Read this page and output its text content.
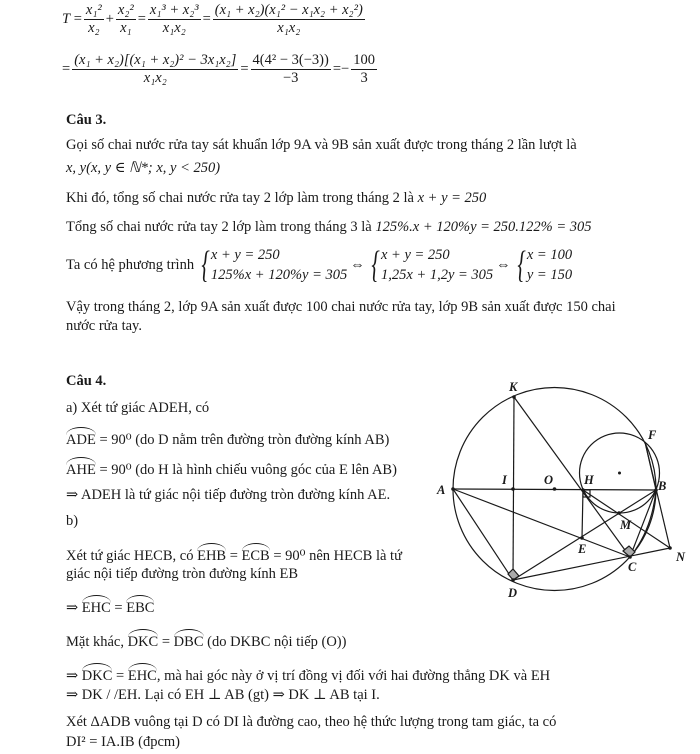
$T = \frac{\text{x₁²}}{\text{x₂}} + \frac{\text{x₂²}}{\text{x₁}} = \frac{\text{x₁³ + x₂³}}{\text{x₁x₂}} = \frac{\text{(x₁ + x₂)(x₁² − x₁x₂ + x₂²)}}{\text{x₁x₂}}$
= $\frac{\text{(x₁ + x₂)[(x₁ + x₂)² − 3x₁x₂]}}{\text{x₁x₂}} = \frac{\text{4(4² − 3(−3))}}{-3}$ = − $\frac{100}{3}$
Câu 3.
Gọi số chai nước rửa tay sát khuẩn lớp 9A và 9B sản xuất được trong tháng 2 lần lượt là
x, y(x, y ∈ ℕ*; x, y < 250)
Khi đó, tổng số chai nước rửa tay 2 lớp làm trong tháng 2 là x + y = 250
Tổng số chai nước rửa tay 2 lớp làm trong tháng 3 là 125%.x + 120%y = 250.122% = 305
Ta có hệ phương trình
{ x + y = 250
125%x + 120%y = 305
⇔ { x + y = 250
1,25x + 1,2y = 305
⇔ { x = 100
y = 150
Vậy trong tháng 2, lớp 9A sản xuất được 100 chai nước rửa tay, lớp 9B sản xuất được 150 chai
nước rửa tay.
Câu 4.
a) Xét tứ giác ADEH, có
ADE = 90⁰ (do D nằm trên đường tròn đường kính AB)
AHE = 90⁰ (do H là hình chiếu vuông góc của E lên AB)
⇒ ADEH là tứ giác nội tiếp đường tròn đường kính AE.
b)
Xét tứ giác HECB, có EHB = ECB = 90⁰ nên HECB là tứ
giác nội tiếp đường tròn đường kính EB
⇒ EHC = EBC
Mặt khác, DKC = DBC (do DKBC nội tiếp (O))
⇒ DKC = EHC, mà hai góc này ở vị trí đồng vị đối với hai đường thẳng DK và EH
⇒ DK / /EH. Lại có EH ⊥ AB (gt) ⇒ DK ⊥ AB tại I.
Xét ΔADB vuông tại D có DI là đường cao, theo hệ thức lượng trong tam giác, ta có
DI² = IA.IB (đpcm)
K
F
A
I	O H	B
M
E
C
N
D
